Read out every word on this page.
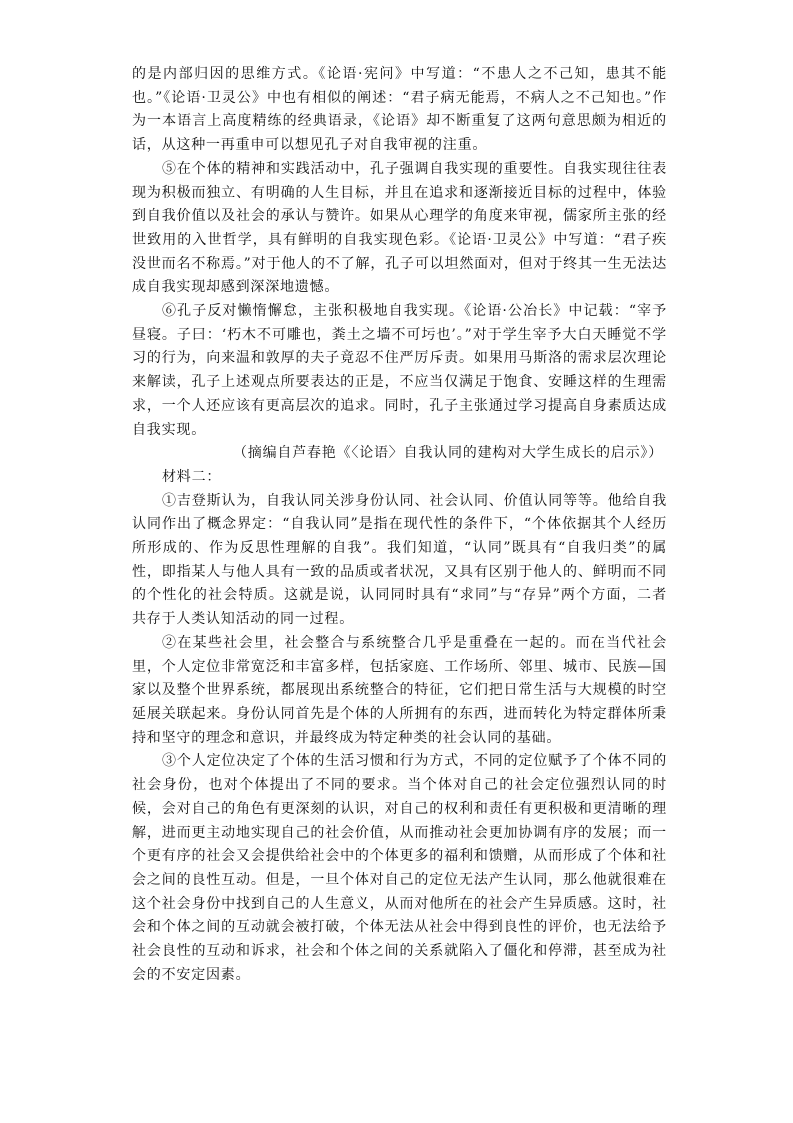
的是内部归因的思维方式。《论语·宪问》中写道：“不患人之不己知，患其不能也。”《论语·卫灵公》中也有相似的阐述：“君子病无能焉，不病人之不己知也。”作为一本语言上高度精练的经典语录，《论语》却不断重复了这两句意思颇为相近的话，从这种一再重申可以想见孔子对自我审视的注重。

⑤在个体的精神和实践活动中，孔子强调自我实现的重要性。自我实现往往表现为积极而独立、有明确的人生目标，并且在追求和逐渐接近目标的过程中，体验到自我价值以及社会的承认与赞许。如果从心理学的角度来审视，儒家所主张的经世致用的入世哲学，具有鲜明的自我实现色彩。《论语·卫灵公》中写道：“君子疾没世而名不称焉。”对于他人的不了解，孔子可以坦然面对，但对于终其一生无法达成自我实现却感到深深地遗憾。

⑥孔子反对懒惰懈怠，主张积极地自我实现。《论语·公冶长》中记载：“宰予昼寝。子曰：‘朽木不可雕也，粪土之墙不可圬也’。”对于学生宰予大白天睡觉不学习的行为，向来温和敦厚的夫子竟忍不住严厉斥责。如果用马斯洛的需求层次理论来解读，孔子上述观点所要表达的正是，不应当仅满足于饱食、安睡这样的生理需求，一个人还应该有更高层次的追求。同时，孔子主张通过学习提高自身素质达成自我实现。

（摘编自芦春艳《〈论语〉自我认同的建构对大学生成长的启示》）

材料二：

①吉登斯认为，自我认同关涉身份认同、社会认同、价值认同等等。他给自我认同作出了概念界定：“自我认同”是指在现代性的条件下，“个体依据其个人经历所形成的、作为反思性理解的自我”。我们知道，“认同”既具有“自我归类”的属性，即指某人与他人具有一致的品质或者状况，又具有区别于他人的、鲜明而不同的个性化的社会特质。这就是说，认同同时具有“求同”与“存异”两个方面，二者共存于人类认知活动的同一过程。

②在某些社会里，社会整合与系统整合几乎是重叠在一起的。而在当代社会里，个人定位非常宽泛和丰富多样，包括家庭、工作场所、邻里、城市、民族—国家以及整个世界系统，都展现出系统整合的特征，它们把日常生活与大规模的时空延展关联起来。身份认同首先是个体的人所拥有的东西，进而转化为特定群体所秉持和坚守的理念和意识，并最终成为特定种类的社会认同的基础。

③个人定位决定了个体的生活习惯和行为方式，不同的定位赋予了个体不同的社会身份，也对个体提出了不同的要求。当个体对自己的社会定位强烈认同的时候，会对自己的角色有更深刻的认识，对自己的权利和责任有更积极和更清晰的理解，进而更主动地实现自己的社会价值，从而推动社会更加协调有序的发展；而一个更有序的社会又会提供给社会中的个体更多的福利和馈赠，从而形成了个体和社会之间的良性互动。但是，一旦个体对自己的定位无法产生认同，那么他就很难在这个社会身份中找到自己的人生意义，从而对他所在的社会产生异质感。这时，社会和个体之间的互动就会被打破，个体无法从社会中得到良性的评价，也无法给予社会良性的互动和诉求，社会和个体之间的关系就陷入了僵化和停滞，甚至成为社会的不安定因素。
